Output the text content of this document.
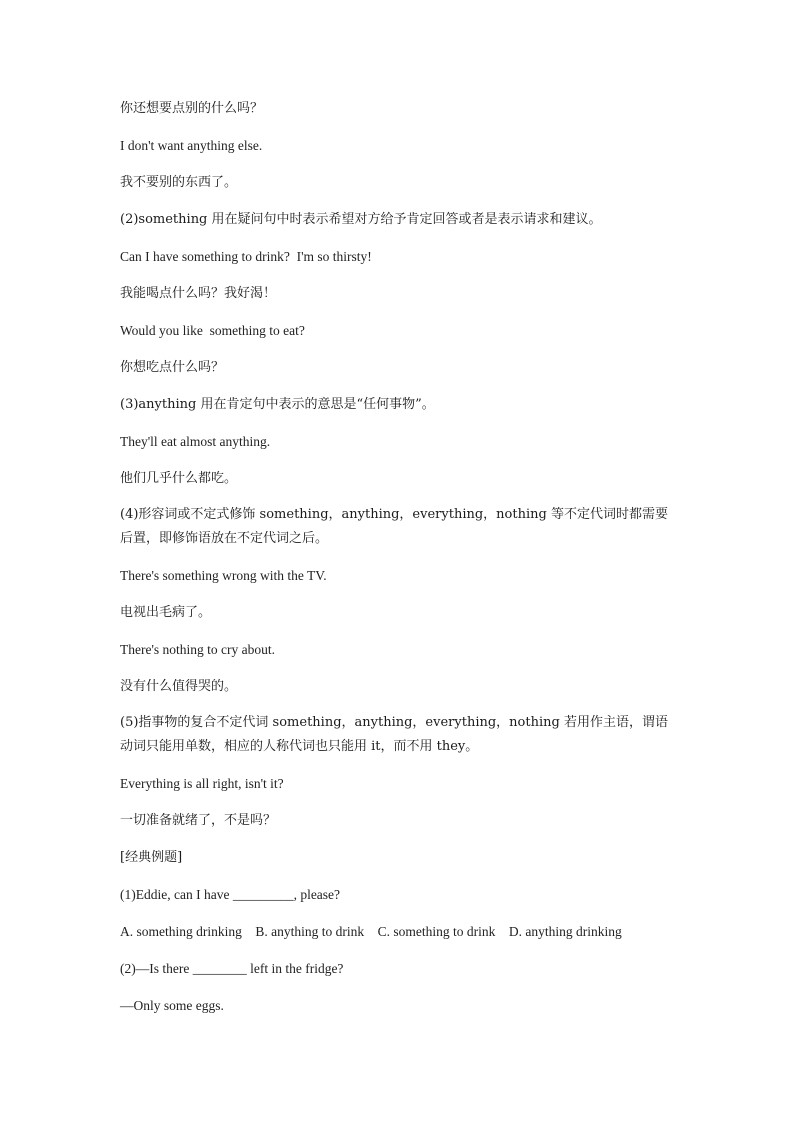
你还想要点别的什么吗？

I don't want anything else.

我不要别的东西了。

(2)something 用在疑问句中时表示希望对方给予肯定回答或者是表示请求和建议。

Can I have something to drink?  I'm so thirsty!

我能喝点什么吗？我好渴！

Would you like  something to eat?

你想吃点什么吗？

(3)anything 用在肯定句中表示的意思是“任何事物”。

They'll eat almost anything.

他们几乎什么都吃。

(4)形容词或不定式修饰 something，anything，everything，nothing 等不定代词时都需要后置，即修饰语放在不定代词之后。

There's something wrong with the TV.

电视出毛病了。

There's nothing to cry about.

没有什么值得哭的。

(5)指事物的复合不定代词 something，anything，everything，nothing 若用作主语，谓语动词只能用单数，相应的人称代词也只能用 it，而不用 they。

Everything is all right, isn't it?

一切准备就绪了，不是吗？

[经典例题]

(1)Eddie, can I have _________, please?

A. something drinking    B. anything to drink    C. something to drink    D. anything drinking

(2)—Is there ________ left in the fridge?

—Only some eggs.
